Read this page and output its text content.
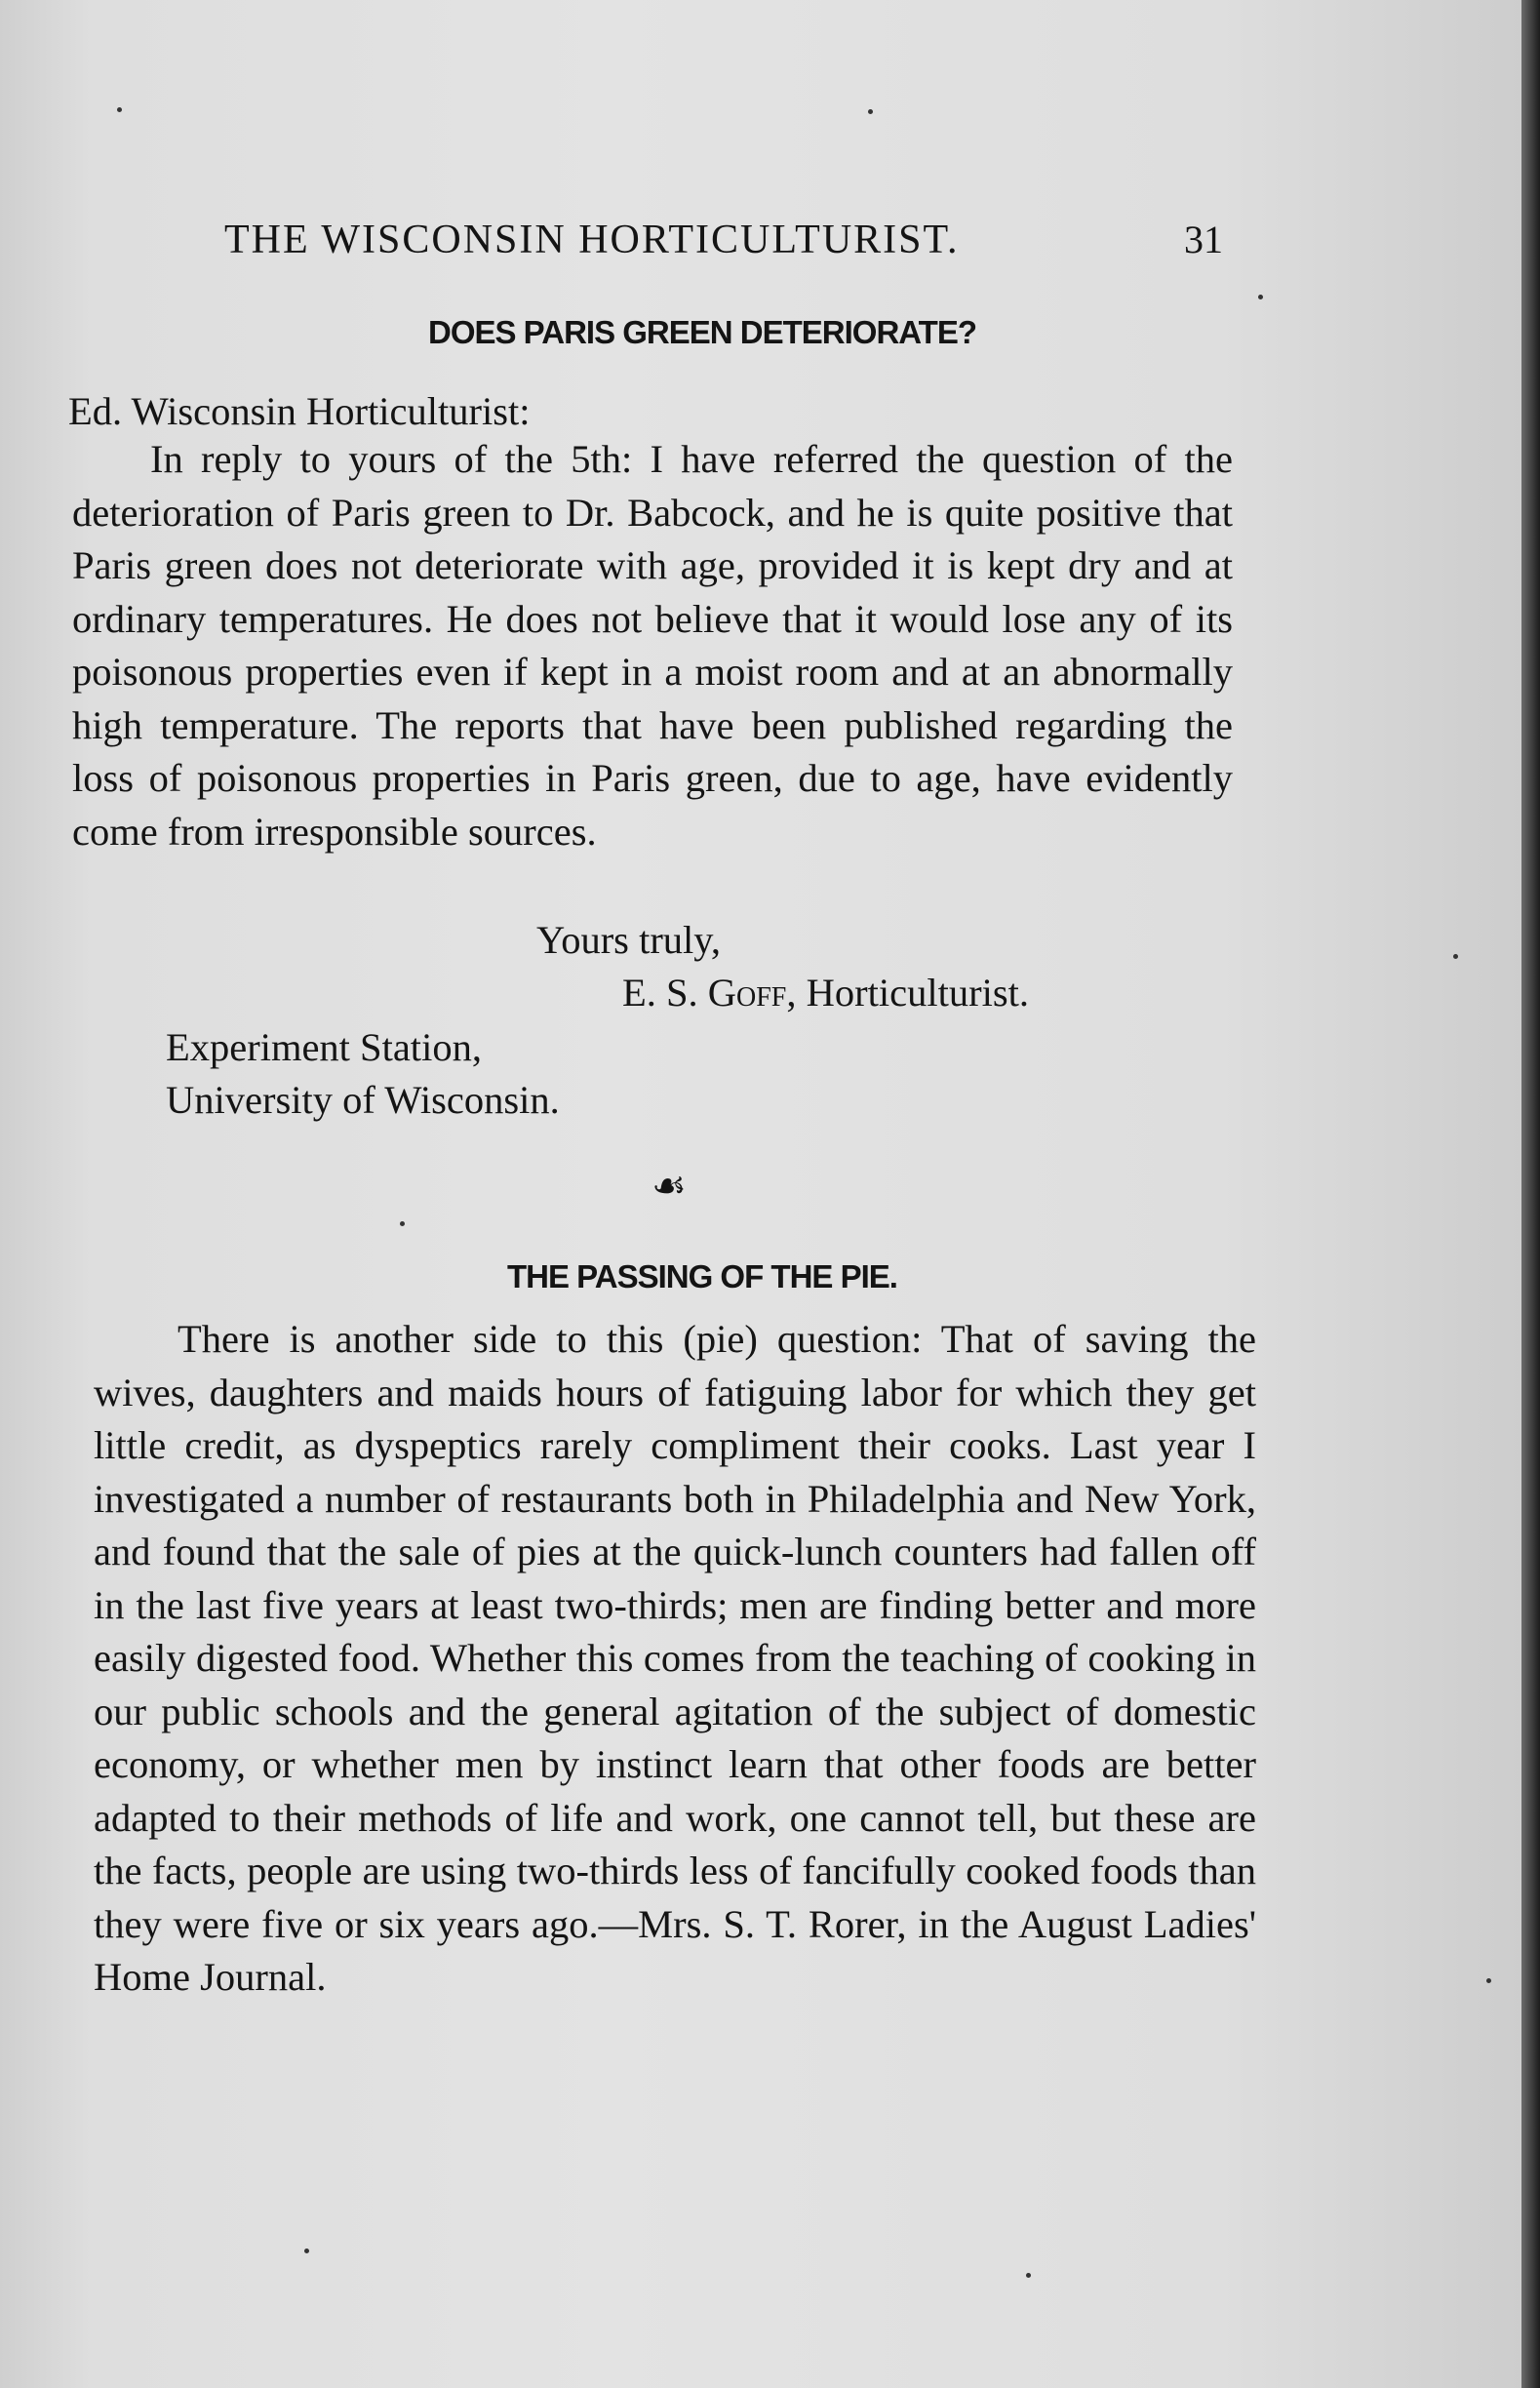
THE WISCONSIN HORTICULTURIST.	31
DOES PARIS GREEN DETERIORATE?
Ed. Wisconsin Horticulturist:

In reply to yours of the 5th: I have referred the question of the deterioration of Paris green to Dr. Babcock, and he is quite positive that Paris green does not deteriorate with age, provided it is kept dry and at ordinary temperatures. He does not believe that it would lose any of its poisonous properties even if kept in a moist room and at an abnormally high temperature. The reports that have been published regarding the loss of poisonous properties in Paris green, due to age, have evidently come from irresponsible sources.

Yours truly,
E. S. Goff, Horticulturist.
Experiment Station,
University of Wisconsin.
☙
THE PASSING OF THE PIE.

There is another side to this (pie) question: That of saving the wives, daughters and maids hours of fatiguing labor for which they get little credit, as dyspeptics rarely compliment their cooks. Last year I investigated a number of restaurants both in Philadelphia and New York, and found that the sale of pies at the quick-lunch counters had fallen off in the last five years at least two-thirds; men are finding better and more easily digested food. Whether this comes from the teaching of cooking in our public schools and the general agitation of the subject of domestic economy, or whether men by instinct learn that other foods are better adapted to their methods of life and work, one cannot tell, but these are the facts, people are using two-thirds less of fancifully cooked foods than they were five or six years ago.—Mrs. S. T. Rorer, in the August Ladies' Home Journal.
